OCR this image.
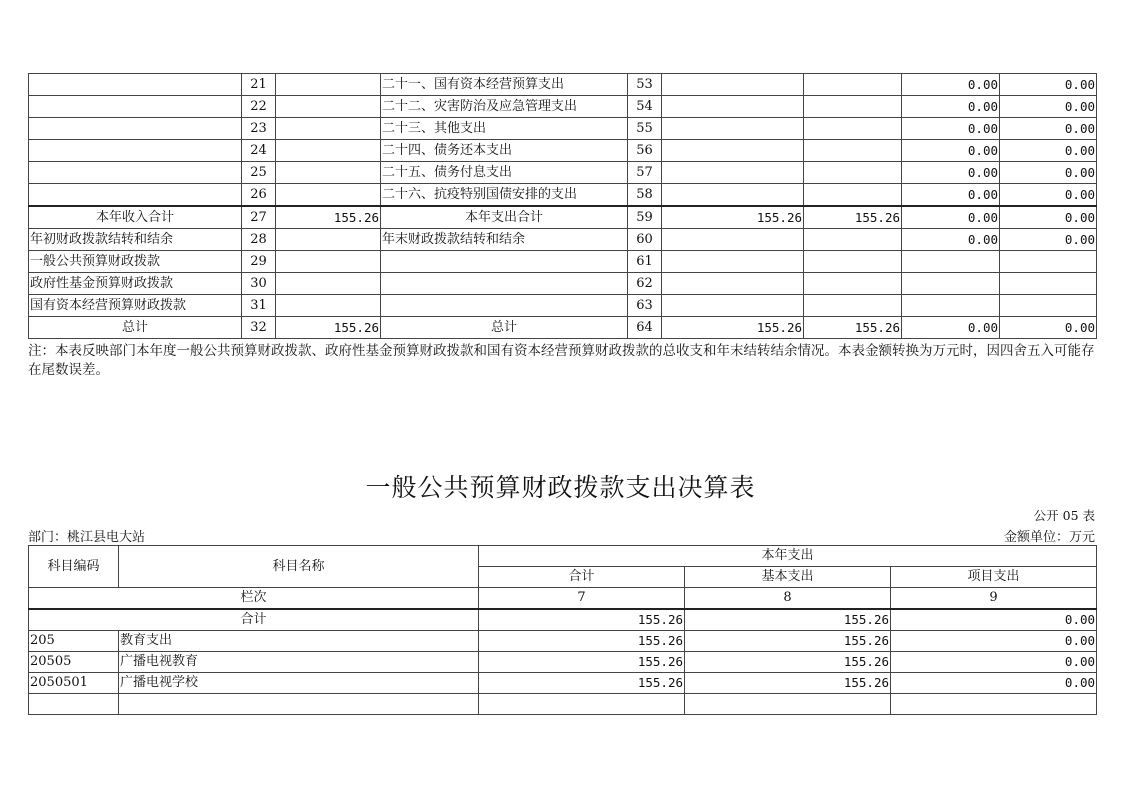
	21		二十一、国有资本经营预算支出	53			0.00	0.00
	22		二十二、灾害防治及应急管理支出	54			0.00	0.00
	23		二十三、其他支出	55			0.00	0.00
	24		二十四、债务还本支出	56			0.00	0.00
	25		二十五、债务付息支出	57			0.00	0.00
	26		二十六、抗疫特别国债安排的支出	58			0.00	0.00
本年收入合计	27	155.26	本年支出合计	59	155.26	155.26	0.00	0.00
年初财政拨款结转和结余	28		年末财政拨款结转和结余	60			0.00	0.00
一般公共预算财政拨款	29			61				
政府性基金预算财政拨款	30			62				
国有资本经营预算财政拨款	31			63				
总计	32	155.26	总计	64	155.26	155.26	0.00	0.00
注：本表反映部门本年度一般公共预算财政拨款、政府性基金预算财政拨款和国有资本经营预算财政拨款的总收支和年末结转结余情况。本表金额转换为万元时，因四舍五入可能存在尾数误差。
一般公共预算财政拨款支出决算表
公开 05 表
部门：桃江县电大站	金额单位：万元
科目编码	科目名称	本年支出		
		合计	基本支出	项目支出
栏次		7	8	9
合计		155.26	155.26	0.00
205	教育支出	155.26	155.26	0.00
20505	广播电视教育	155.26	155.26	0.00
2050501	广播电视学校	155.26	155.26	0.00
